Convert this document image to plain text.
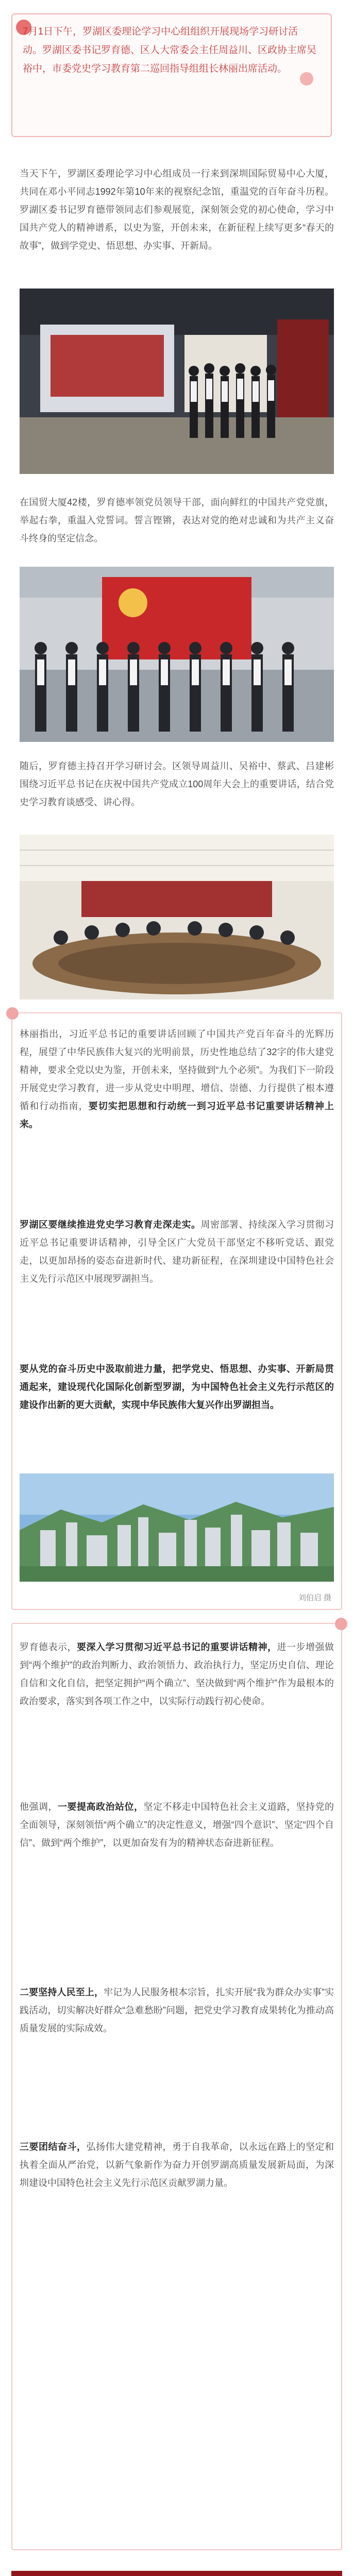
7月1日下午，罗湖区委理论学习中心组组织开展现场学习研讨活动。罗湖区委书记罗育德、区人大常委会主任周益川、区政协主席吴裕中，市委党史学习教育第二巡回指导组组长林丽出席活动。
当天下午，罗湖区委理论学习中心组成员一行来到深圳国际贸易中心大厦，共同在邓小平同志1992年第10年来的视察纪念馆，重温党的百年奋斗历程。罗湖区委书记罗育德带领同志们参观展览，深刻领会党的初心使命，学习中国共产党人的精神谱系，以史为鉴，开创未来，在新征程上续写更多“春天的故事”，做到学党史、悟思想、办实事、开新局。
在国贸大厦42楼，罗育德率领党员领导干部，面向鲜红的中国共产党党旗，举起右拳，重温入党誓词。誓言铿锵，表达对党的绝对忠诚和为共产主义奋斗终身的坚定信念。
随后，罗育德主持召开学习研讨会。区领导周益川、吴裕中、蔡武、吕建彬围绕习近平总书记在庆祝中国共产党成立100周年大会上的重要讲话，结合党史学习教育谈感受、讲心得。
林丽指出，习近平总书记的重要讲话回顾了中国共产党百年奋斗的光辉历程，展望了中华民族伟大复兴的光明前景，历史性地总结了32字的伟大建党精神，要求全党以史为鉴，开创未来，坚持做到“九个必须”。为我们下一阶段开展党史学习教育，进一步从党史中明理、增信、崇德、力行提供了根本遵循和行动指南，要切实把思想和行动统一到习近平总书记重要讲话精神上来。
罗湖区要继续推进党史学习教育走深走实。周密部署、持续深入学习贯彻习近平总书记重要讲话精神，引导全区广大党员干部坚定不移听党话、跟党走，以更加昂扬的姿态奋进新时代、建功新征程，在深圳建设中国特色社会主义先行示范区中展现罗湖担当。
要从党的奋斗历史中汲取前进力量，把学党史、悟思想、办实事、开新局贯通起来，建设现代化国际化创新型罗湖，为中国特色社会主义先行示范区的建设作出新的更大贡献，实现中华民族伟大复兴作出罗湖担当。
刘伯启 摄
罗育德表示，要深入学习贯彻习近平总书记的重要讲话精神，进一步增强做到“两个维护”的政治判断力、政治领悟力、政治执行力，坚定历史自信、理论自信和文化自信，把坚定拥护“两个确立”、坚决做到“两个维护”作为最根本的政治要求，落实到各项工作之中，以实际行动践行初心使命。
他强调，一要提高政治站位，坚定不移走中国特色社会主义道路，坚持党的全面领导，深刻领悟“两个确立”的决定性意义，增强“四个意识”、坚定“四个自信”、做到“两个维护”，以更加奋发有为的精神状态奋进新征程。
二要坚持人民至上，牢记为人民服务根本宗旨，扎实开展“我为群众办实事”实践活动，切实解决好群众“急难愁盼”问题，把党史学习教育成果转化为推动高质量发展的实际成效。
三要团结奋斗，弘扬伟大建党精神，勇于自我革命，以永远在路上的坚定和执着全面从严治党，以新气象新作为奋力开创罗湖高质量发展新局面，为深圳建设中国特色社会主义先行示范区贡献罗湖力量。
